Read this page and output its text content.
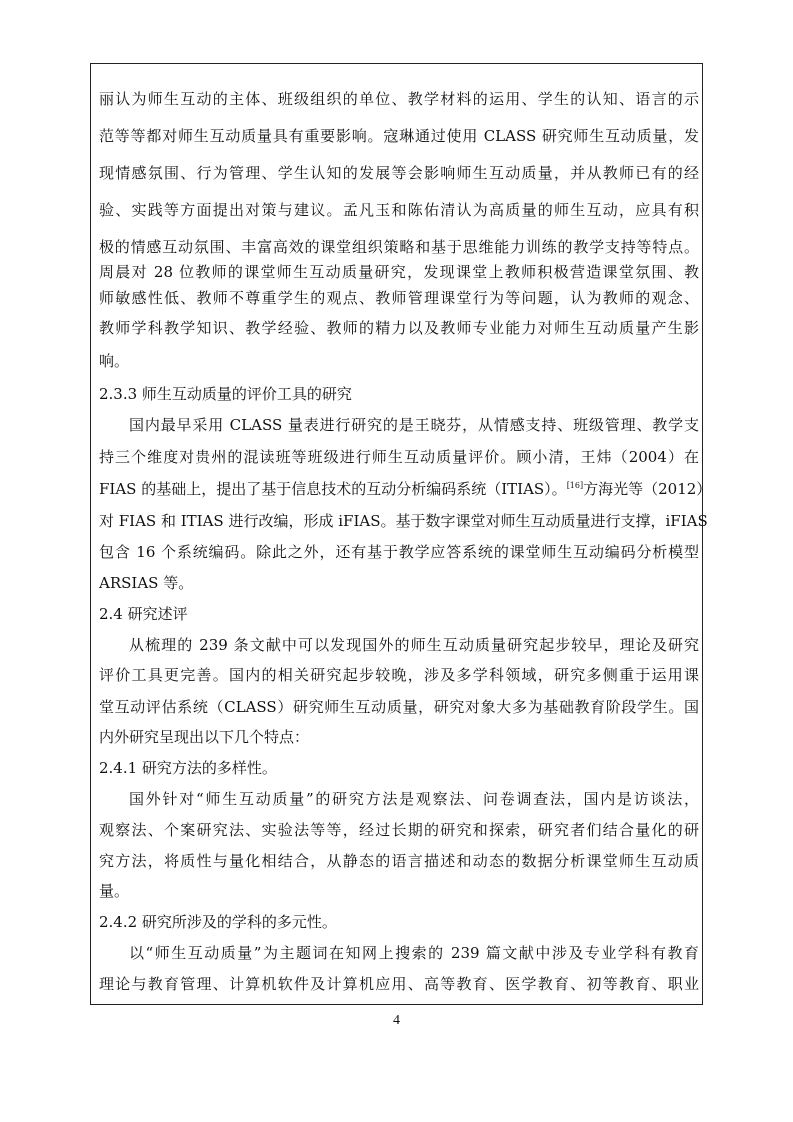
丽认为师生互动的主体、班级组织的单位、教学材料的运用、学生的认知、语言的示
范等等都对师生互动质量具有重要影响。寇琳通过使用 CLASS 研究师生互动质量，发
现情感氛围、行为管理、学生认知的发展等会影响师生互动质量，并从教师已有的经
验、实践等方面提出对策与建议。孟凡玉和陈佑清认为高质量的师生互动，应具有积
极的情感互动氛围、丰富高效的课堂组织策略和基于思维能力训练的教学支持等特点。
周晨对 28 位教师的课堂师生互动质量研究，发现课堂上教师积极营造课堂氛围、教
师敏感性低、教师不尊重学生的观点、教师管理课堂行为等问题，认为教师的观念、
教师学科教学知识、教学经验、教师的精力以及教师专业能力对师生互动质量产生影
响。
2.3.3 师生互动质量的评价工具的研究
国内最早采用 CLASS 量表进行研究的是王晓芬，从情感支持、班级管理、教学支
持三个维度对贵州的混读班等班级进行师生互动质量评价。顾小清，王炜（2004）在
FIAS 的基础上，提出了基于信息技术的互动分析编码系统（ITIAS）。[16]方海光等（2012）
对 FIAS 和 ITIAS 进行改编，形成 iFIAS。基于数字课堂对师生互动质量进行支撑，iFIAS
包含 16 个系统编码。除此之外，还有基于教学应答系统的课堂师生互动编码分析模型
ARSIAS 等。
2.4 研究述评
从梳理的 239 条文献中可以发现国外的师生互动质量研究起步较早，理论及研究
评价工具更完善。国内的相关研究起步较晚，涉及多学科领域，研究多侧重于运用课
堂互动评估系统（CLASS）研究师生互动质量，研究对象大多为基础教育阶段学生。国
内外研究呈现出以下几个特点：
2.4.1 研究方法的多样性。
国外针对“师生互动质量”的研究方法是观察法、问卷调查法，国内是访谈法，
观察法、个案研究法、实验法等等，经过长期的研究和探索，研究者们结合量化的研
究方法，将质性与量化相结合，从静态的语言描述和动态的数据分析课堂师生互动质
量。
2.4.2 研究所涉及的学科的多元性。
以“师生互动质量”为主题词在知网上搜索的 239 篇文献中涉及专业学科有教育
理论与教育管理、计算机软件及计算机应用、高等教育、医学教育、初等教育、职业
4
